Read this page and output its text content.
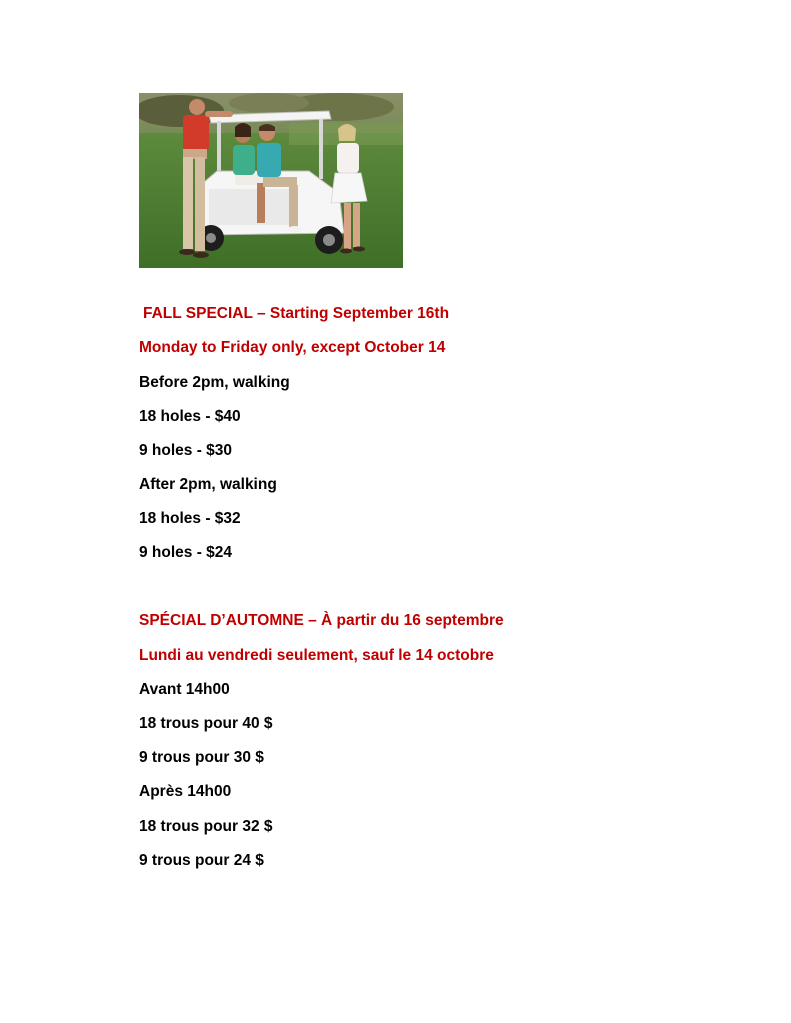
FALL SPECIAL – Starting September 16th
Monday to Friday only, except October 14
Before 2pm, walking
18 holes - $40
9 holes - $30
After 2pm, walking
18 holes - $32
9 holes - $24
SPÉCIAL D’AUTOMNE – À partir du 16 septembre
Lundi au vendredi seulement, sauf le 14 octobre
Avant 14h00
18 trous pour 40 $
9 trous pour 30 $
Après 14h00
18 trous pour 32 $
9 trous pour 24 $
